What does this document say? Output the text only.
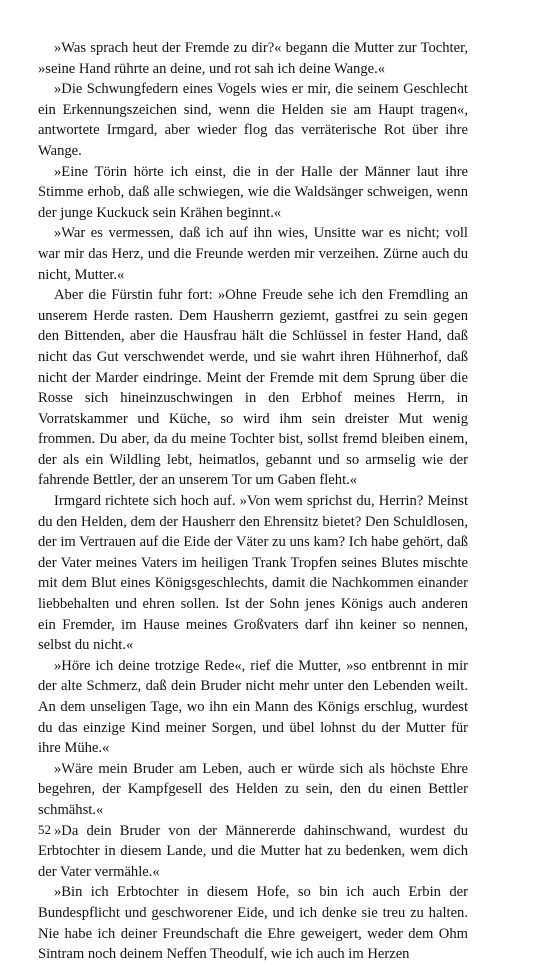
»Was sprach heut der Fremde zu dir?« begann die Mutter zur Tochter, »seine Hand rührte an deine, und rot sah ich deine Wange.«

»Die Schwungfedern eines Vogels wies er mir, die seinem Geschlecht ein Erkennungszeichen sind, wenn die Helden sie am Haupt tragen«, antwortete Irmgard, aber wieder flog das verräterische Rot über ihre Wange.

»Eine Törin hörte ich einst, die in der Halle der Männer laut ihre Stimme erhob, daß alle schwiegen, wie die Waldsänger schweigen, wenn der junge Kuckuck sein Krähen beginnt.«

»War es vermessen, daß ich auf ihn wies, Unsitte war es nicht; voll war mir das Herz, und die Freunde werden mir verzeihen. Zürne auch du nicht, Mutter.«

Aber die Fürstin fuhr fort: »Ohne Freude sehe ich den Fremdling an unserem Herde rasten. Dem Hausherrn geziemt, gastfrei zu sein gegen den Bittenden, aber die Hausfrau hält die Schlüssel in fester Hand, daß nicht das Gut verschwendet werde, und sie wahrt ihren Hühnerhof, daß nicht der Marder eindringe. Meint der Fremde mit dem Sprung über die Rosse sich hineinzuschwingen in den Erbhof meines Herrn, in Vorratskammer und Küche, so wird ihm sein dreister Mut wenig frommen. Du aber, da du meine Tochter bist, sollst fremd bleiben einem, der als ein Wildling lebt, heimatlos, gebannt und so armselig wie der fahrende Bettler, der an unserem Tor um Gaben fleht.«

Irmgard richtete sich hoch auf. »Von wem sprichst du, Herrin? Meinst du den Helden, dem der Hausherr den Ehrensitz bietet? Den Schuldlosen, der im Vertrauen auf die Eide der Väter zu uns kam? Ich habe gehört, daß der Vater meines Vaters im heiligen Trank Tropfen seines Blutes mischte mit dem Blut eines Königsgeschlechts, damit die Nachkommen einander liebbehalten und ehren sollen. Ist der Sohn jenes Königs auch anderen ein Fremder, im Hause meines Großvaters darf ihn keiner so nennen, selbst du nicht.«

»Höre ich deine trotzige Rede«, rief die Mutter, »so entbrennt in mir der alte Schmerz, daß dein Bruder nicht mehr unter den Lebenden weilt. An dem unseligen Tage, wo ihn ein Mann des Königs erschlug, wurdest du das einzige Kind meiner Sorgen, und übel lohnst du der Mutter für ihre Mühe.«

»Wäre mein Bruder am Leben, auch er würde sich als höchste Ehre begehren, der Kampfgesell des Helden zu sein, den du einen Bettler schmähst.«

»Da dein Bruder von der Männererde dahinschwand, wurdest du Erbtochter in diesem Lande, und die Mutter hat zu bedenken, wem dich der Vater vermähle.«

»Bin ich Erbtochter in diesem Hofe, so bin ich auch Erbin der Bundespflicht und geschworener Eide, und ich denke sie treu zu halten. Nie habe ich deiner Freundschaft die Ehre geweigert, weder dem Ohm Sintram noch deinem Neffen Theodulf, wie ich auch im Herzen

52
